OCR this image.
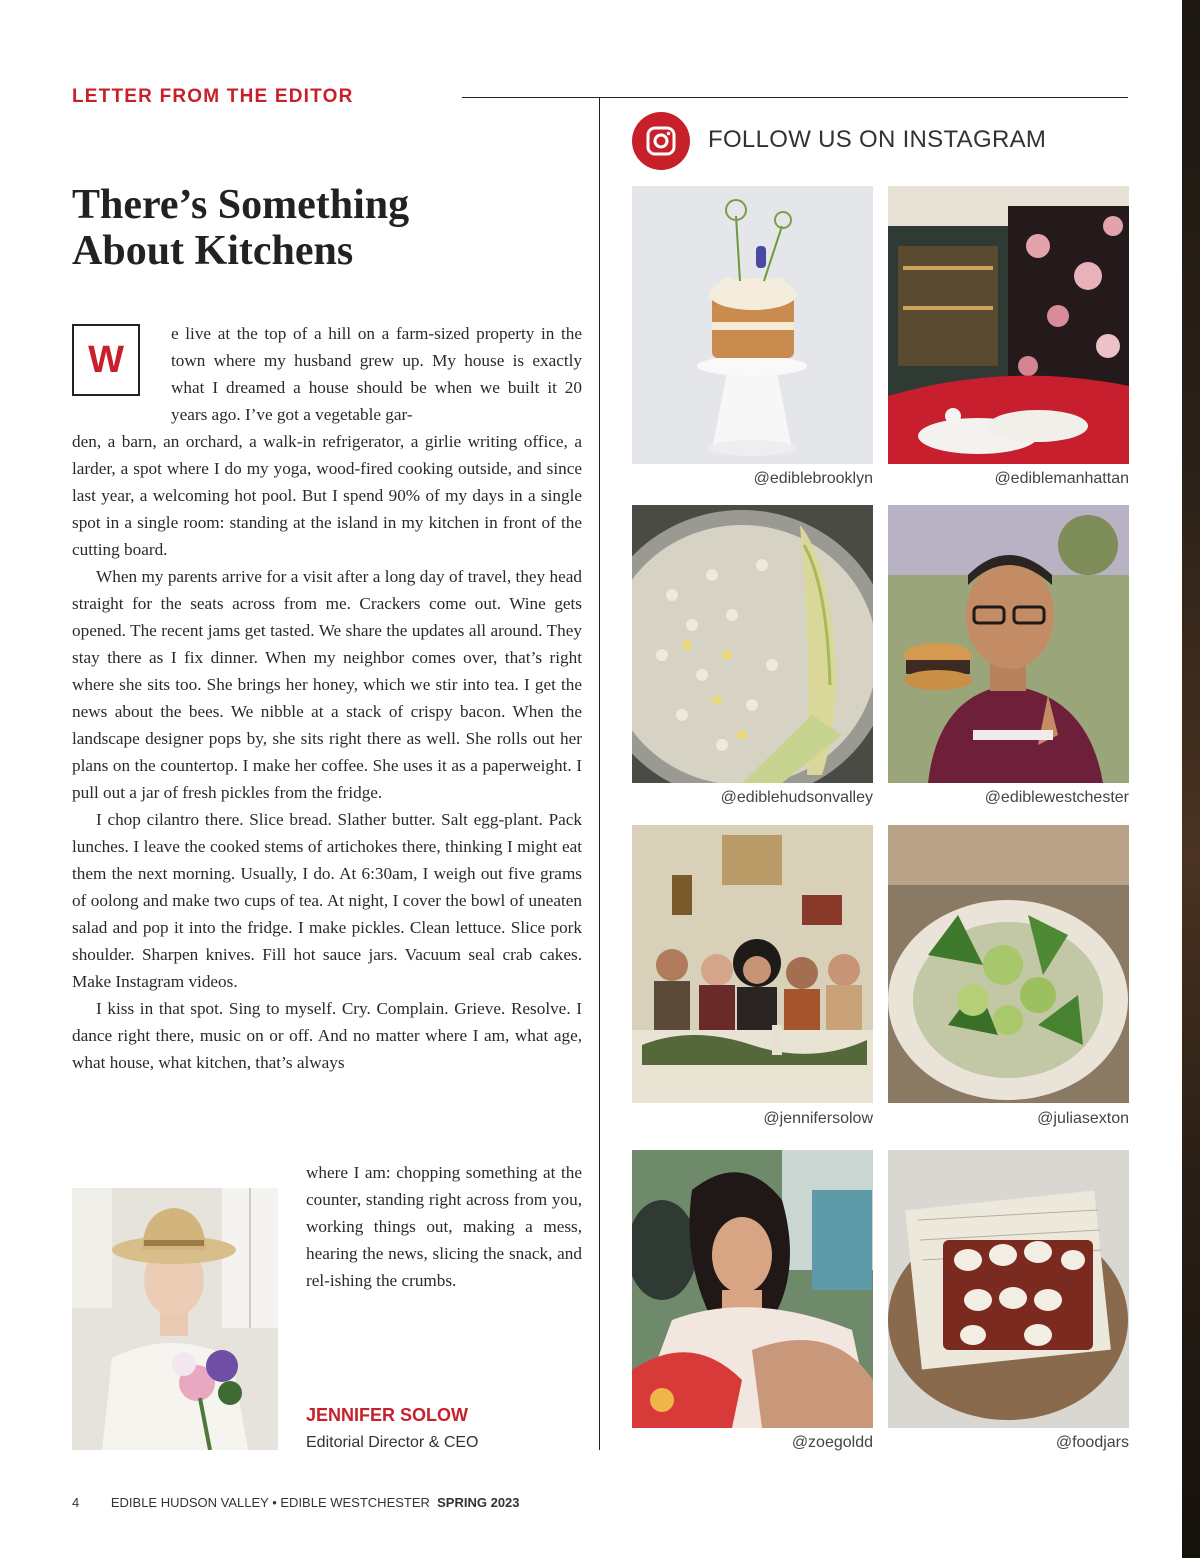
LETTER FROM THE EDITOR
There’s Something
About Kitchens
W

e live at the top of a hill on a farm-sized property in the town where my husband grew up. My house is exactly what I dreamed a house should be when we built it 20 years ago. I’ve got a vegetable gar-

den, a barn, an orchard, a walk-in refrigerator, a girlie writing office, a larder, a spot where I do my yoga, wood-fired cooking outside, and since last year, a welcoming hot pool. But I spend 90% of my days in a single spot in a single room: standing at the island in my kitchen in front of the cutting board.

When my parents arrive for a visit after a long day of travel, they head straight for the seats across from me. Crackers come out. Wine gets opened. The recent jams get tasted. We share the updates all around. They stay there as I fix dinner. When my neighbor comes over, that’s right where she sits too. She brings her honey, which we stir into tea. I get the news about the bees. We nibble at a stack of crispy bacon. When the landscape designer pops by, she sits right there as well. She rolls out her plans on the countertop. I make her coffee. She uses it as a paperweight. I pull out a jar of fresh pickles from the fridge.

I chop cilantro there. Slice bread. Slather butter. Salt egg-plant. Pack lunches. I leave the cooked stems of artichokes there, thinking I might eat them the next morning. Usually, I do. At 6:30am, I weigh out five grams of oolong and make two cups of tea. At night, I cover the bowl of uneaten salad and pop it into the fridge. I make pickles. Clean lettuce. Slice pork shoulder. Sharpen knives. Fill hot sauce jars. Vacuum seal crab cakes. Make Instagram videos.

I kiss in that spot. Sing to myself. Cry. Complain. Grieve. Resolve. I dance right there, music on or off. And no matter where I am, what age, what house, what kitchen, that’s always

where I am: chopping something at the counter, standing right across from you, working things out, making a mess, hearing the news, slicing the snack, and rel-ishing the crumbs.

JENNIFER SOLOW
Editorial Director & CEO
FOLLOW US ON INSTAGRAM
@ediblebrooklyn	@ediblemanhattan
@ediblehudsonvalley	@ediblewestchester
@jennifersolow	@juliasexton
@zoegoldd	@foodjars
4 EDIBLE HUDSON VALLEY • EDIBLE WESTCHESTER SPRING 2023
